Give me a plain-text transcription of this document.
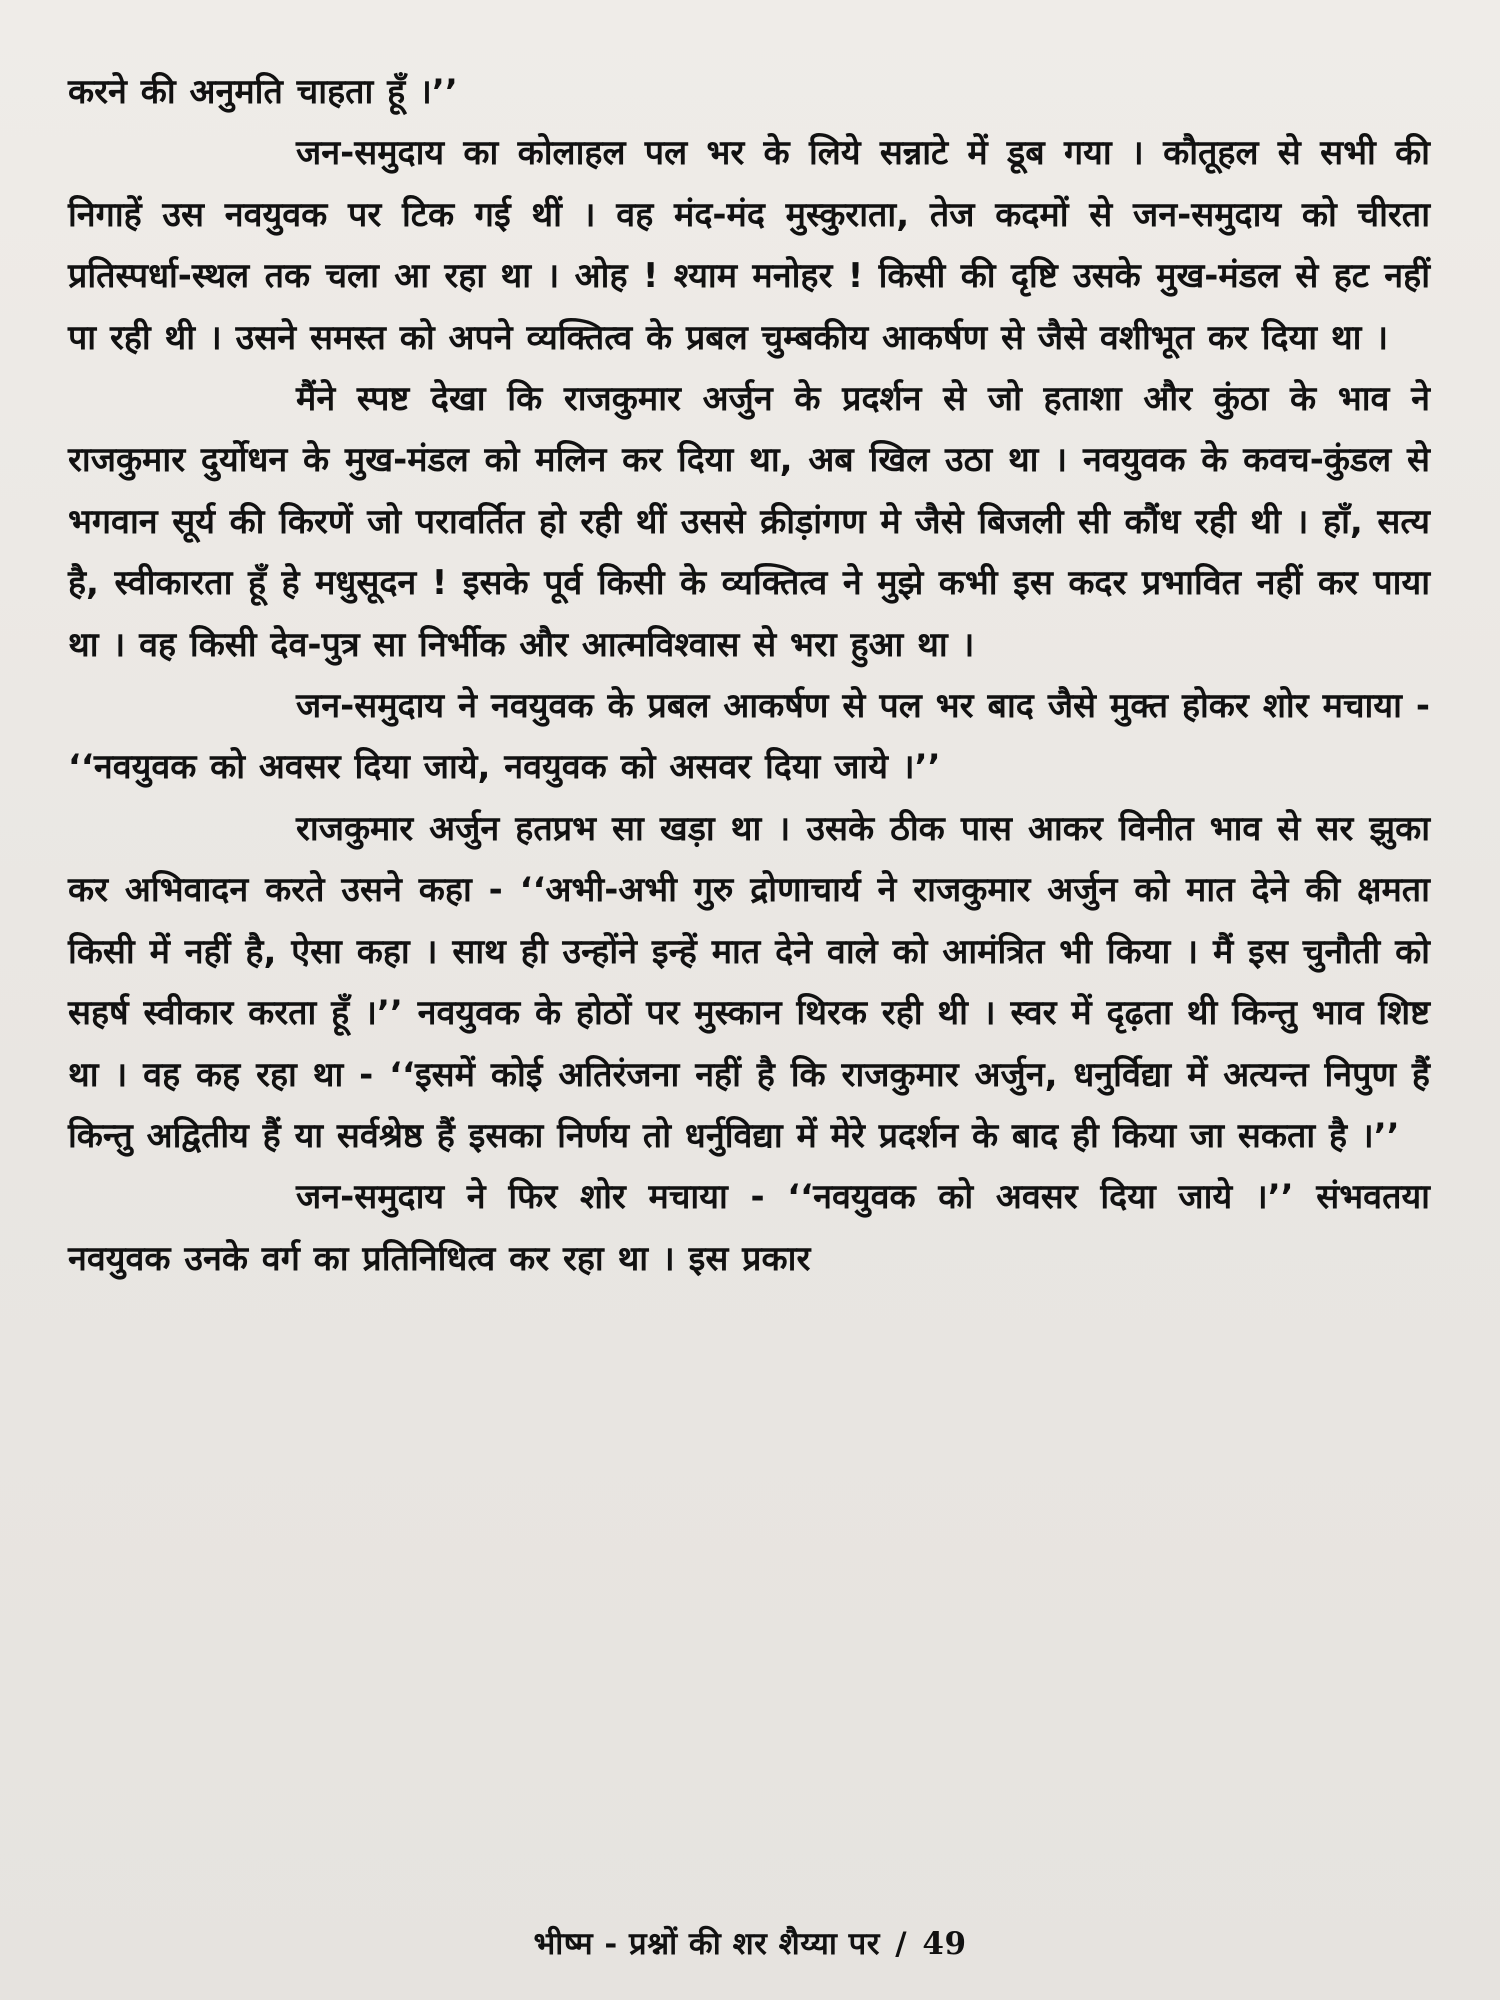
करने की अनुमति चाहता हूँ ।’’

जन-समुदाय का कोलाहल पल भर के लिये सन्नाटे में डूब गया । कौतूहल से सभी की निगाहें उस नवयुवक पर टिक गई थीं । वह मंद-मंद मुस्कुराता, तेज कदमों से जन-समुदाय को चीरता प्रतिस्पर्धा-स्थल तक चला आ रहा था । ओह ! श्याम मनोहर ! किसी की दृष्टि उसके मुख-मंडल से हट नहीं पा रही थी । उसने समस्त को अपने व्यक्तित्व के प्रबल चुम्बकीय आकर्षण से जैसे वशीभूत कर दिया था ।

मैंने स्पष्ट देखा कि राजकुमार अर्जुन के प्रदर्शन से जो हताशा और कुंठा के भाव ने राजकुमार दुर्योधन के मुख-मंडल को मलिन कर दिया था, अब खिल उठा था । नवयुवक के कवच-कुंडल से भगवान सूर्य की किरणें जो परावर्तित हो रही थीं उससे क्रीड़ांगण मे जैसे बिजली सी कौंध रही थी । हाँ, सत्य है, स्वीकारता हूँ हे मधुसूदन ! इसके पूर्व किसी के व्यक्तित्व ने मुझे कभी इस कदर प्रभावित नहीं कर पाया था । वह किसी देव-पुत्र सा निर्भीक और आत्मविश्वास से भरा हुआ था ।

जन-समुदाय ने नवयुवक के प्रबल आकर्षण से पल भर बाद जैसे मुक्त होकर शोर मचाया - ‘‘नवयुवक को अवसर दिया जाये, नवयुवक को असवर दिया जाये ।’’

राजकुमार अर्जुन हतप्रभ सा खड़ा था । उसके ठीक पास आकर विनीत भाव से सर झुका कर अभिवादन करते उसने कहा - ‘‘अभी-अभी गुरु द्रोणाचार्य ने राजकुमार अर्जुन को मात देने की क्षमता किसी में नहीं है, ऐसा कहा । साथ ही उन्होंने इन्हें मात देने वाले को आमंत्रित भी किया । मैं इस चुनौती को सहर्ष स्वीकार करता हूँ ।’’ नवयुवक के होठों पर मुस्कान थिरक रही थी । स्वर में दृढ़ता थी किन्तु भाव शिष्ट था । वह कह रहा था - ‘‘इसमें कोई अतिरंजना नहीं है कि राजकुमार अर्जुन, धनुर्विद्या में अत्यन्त निपुण हैं किन्तु अद्वितीय हैं या सर्वश्रेष्ठ हैं इसका निर्णय तो धर्नुविद्या में मेरे प्रदर्शन के बाद ही किया जा सकता है ।’’

जन-समुदाय ने फिर शोर मचाया - ‘‘नवयुवक को अवसर दिया जाये ।’’ संभवतया नवयुवक उनके वर्ग का प्रतिनिधित्व कर रहा था । इस प्रकार

भीष्म - प्रश्नों की शर शैय्या पर / 49
